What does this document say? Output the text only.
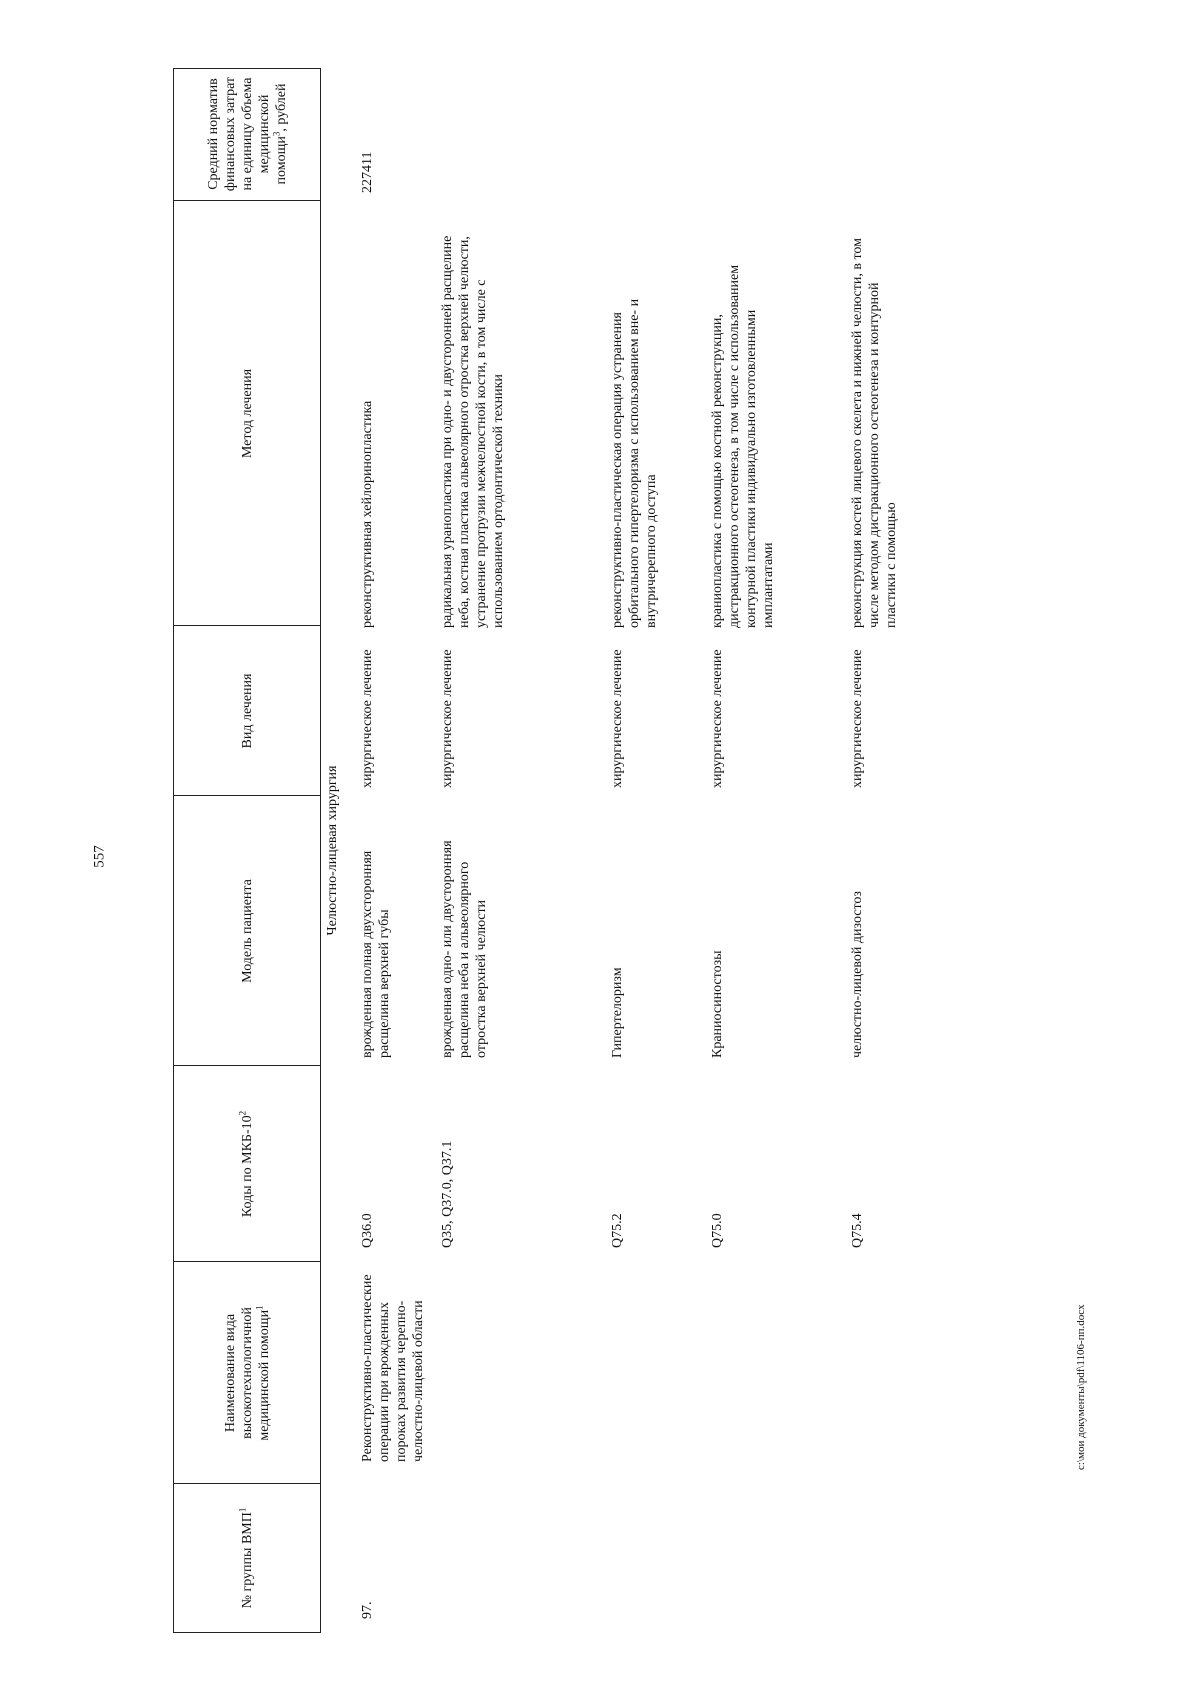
557
№ группы ВМП$^1$
Наименование вида высокотехнологичной медицинской помощи$^1$
Коды по МКБ-$10^2$
Модель пациента
Вид лечения
Метод лечения
Средний норматив финансовых затрат на единицу объема медицинской помощи$^3$, рублей
Челюстно-лицевая хирургия
97.
Реконструктивно-пластические операции при врожденных пороках развития черепно-челюстно-лицевой области
Q36.0
врожденная полная двухсторонняя расщелина верхней губы
хирургическое лечение
реконструктивная хейлоринопластика
227411
Q35, Q37.0, Q37.1
врожденная одно- или двусторонняя расщелина неба и альвеолярного отростка верхней челюсти
хирургическое лечение
радикальная уранопластика при одно- и двусторонней расщелине неба, костная пластика альвеолярного отростка верхней челюсти, устранение протрузии межчелюстной кости, в том числе с использованием ортодонтической техники
Q75.2
Гипертелоризм
хирургическое лечение
реконструктивно-пластическая операция устранения орбитального гипертелоризма с использованием вне- и внутричерепного доступа
Q75.0
Краниосиностозы
хирургическое лечение
краниопластика с помощью костной реконструкции, дистракционного остеогенеза, в том числе с использованием контурной пластики индивидуально изготовленными имплантатами
Q75.4
челюстно-лицевой дизостоз
хирургическое лечение
реконструкция костей лицевого скелета и нижней челюсти, в том числе методом дистракционного остеогенеза и контурной пластики с помощью
c:\мои документы\pdf\1106-пп.docx
